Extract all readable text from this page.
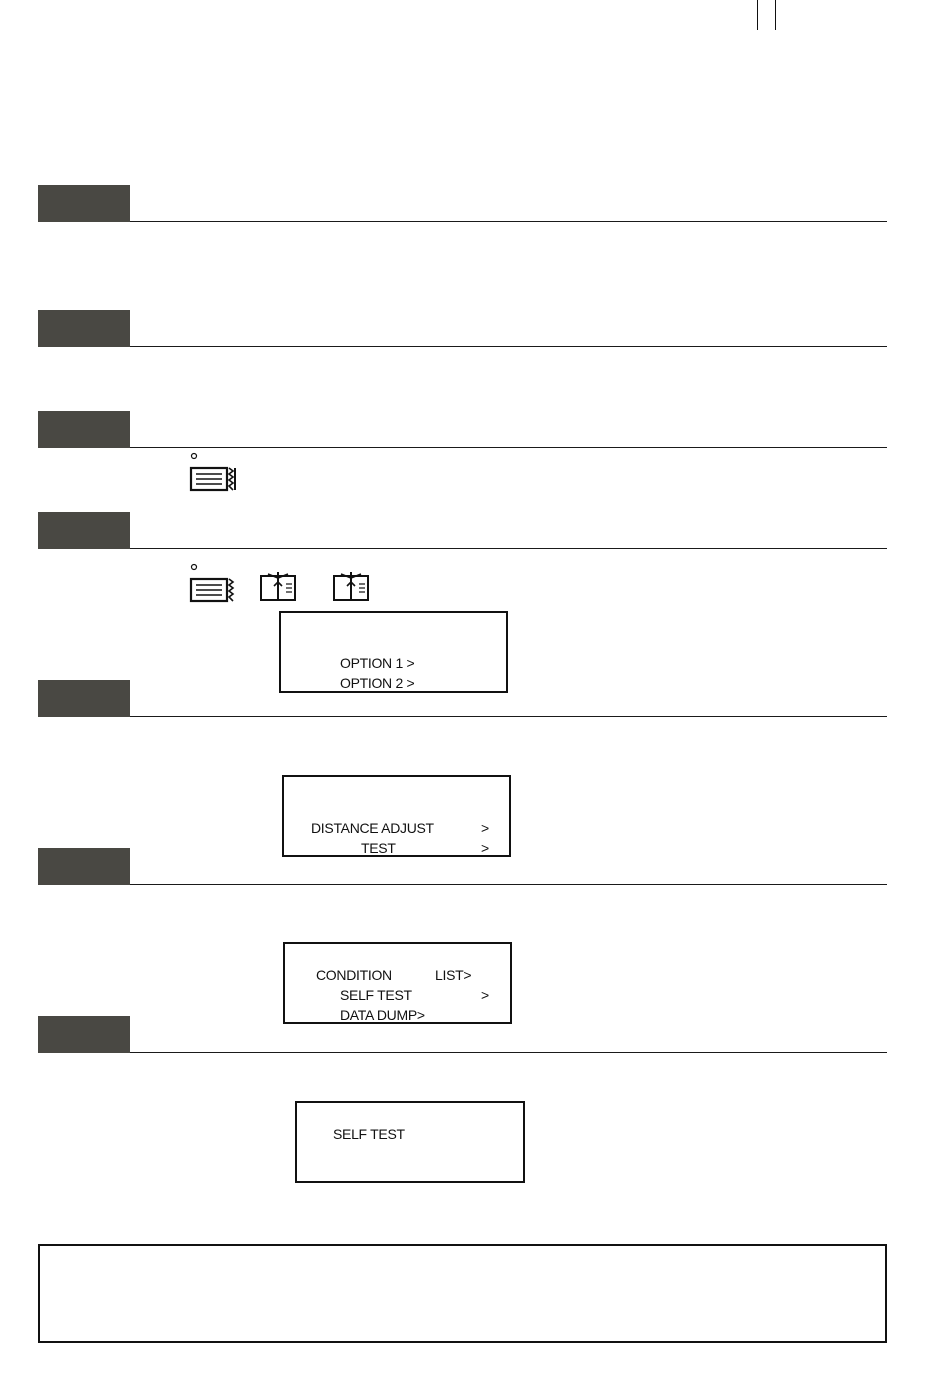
OPTION 1 >
OPTION 2 >
DISTANCE ADJUST	>
TEST	>
CONDITION	LIST>
SELF TEST	>
DATA DUMP>
SELF TEST
